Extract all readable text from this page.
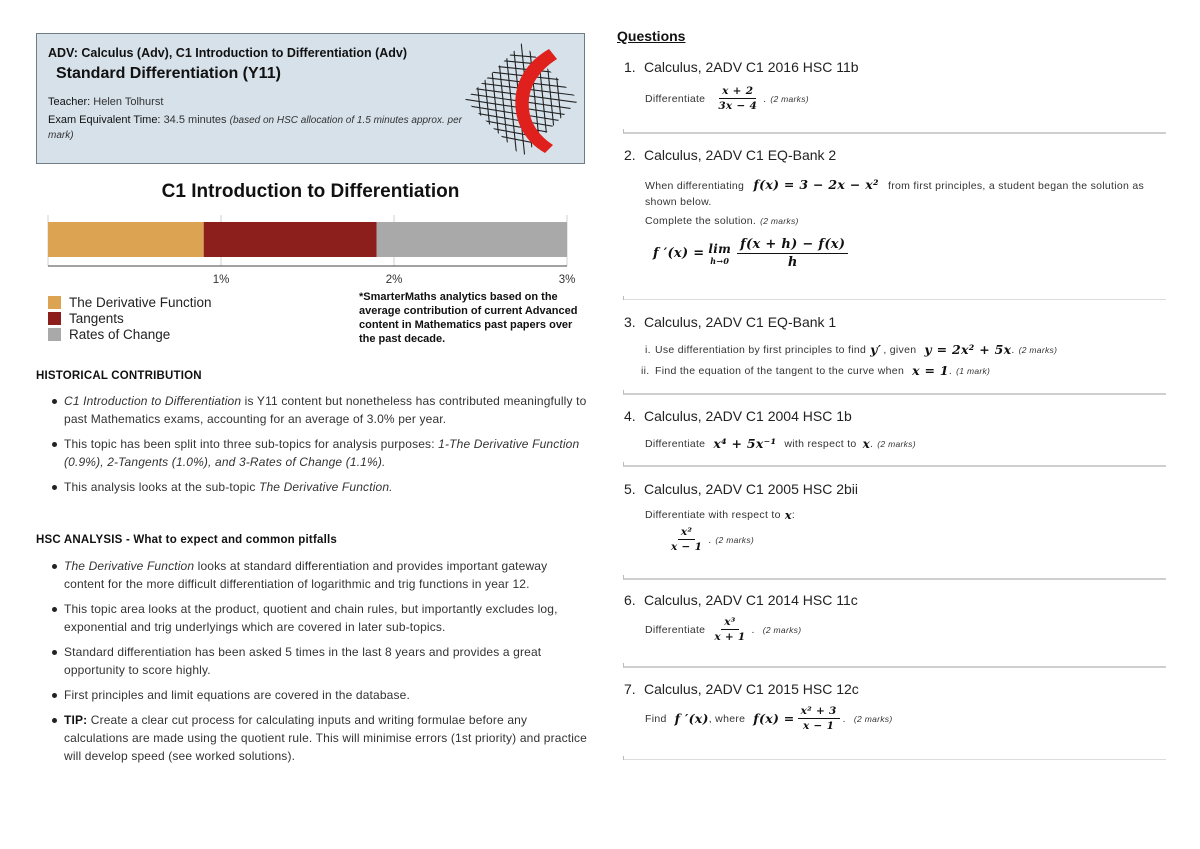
ADV: Calculus (Adv), C1 Introduction to Differentiation (Adv)
Standard Differentiation (Y11)
Teacher: Helen Tolhurst
Exam Equivalent Time: 34.5 minutes (based on HSC allocation of 1.5 minutes approx. per mark)
C1 Introduction to Differentiation
1%	2%	3%
The Derivative Function
Tangents
Rates of Change
*SmarterMaths analytics based on the average contribution of current Advanced content in Mathematics past papers over the past decade.
HISTORICAL CONTRIBUTION
C1 Introduction to Differentiation is Y11 content but nonetheless has contributed meaningfully to past Mathematics exams, accounting for an average of 3.0% per year.
This topic has been split into three sub-topics for analysis purposes: 1-The Derivative Function (0.9%), 2-Tangents (1.0%), and 3-Rates of Change (1.1%).
This analysis looks at the sub-topic The Derivative Function.
HSC ANALYSIS - What to expect and common pitfalls
The Derivative Function looks at standard differentiation and provides important gateway content for the more difficult differentiation of logarithmic and trig functions in year 12.
This topic area looks at the product, quotient and chain rules, but importantly excludes log, exponential and trig underlyings which are covered in later sub-topics.
Standard differentiation has been asked 5 times in the last 8 years and provides a great opportunity to score highly.
First principles and limit equations are covered in the database.
TIP: Create a clear cut process for calculating inputs and writing formulae before any calculations are made using the quotient rule. This will minimise errors (1st priority) and practice will develop speed (see worked solutions).
Questions
1. Calculus, 2ADV C1 2016 HSC 11b
Differentiate $\frac{x + 2}{3x - 4}$ . (2 marks)
2. Calculus, 2ADV C1 EQ-Bank 2
When differentiating f(x) = 3 − 2x − x² from first principles, a student began the solution as shown below.
Complete the solution. (2 marks)
f ′(x) = lim
$h\to 0 \frac{f(x + h) - f(x)}{h}$
3. Calculus, 2ADV C1 EQ-Bank 1
i. Use differentiation by first principles to find y′ , given y = 2x² + 5x . (2 marks)
ii. Find the equation of the tangent to the curve when x = 1 . (1 mark)
4. Calculus, 2ADV C1 2004 HSC 1b
Differentiate x⁴ + 5x⁻¹ with respect to x . (2 marks)
5. Calculus, 2ADV C1 2005 HSC 2bii
Differentiate with respect to x :
$\frac{\text{x²}}{x - 1}$ . (2 marks)
6. Calculus, 2ADV C1 2014 HSC 11c
Differentiate $\frac{\text{x³}}{x + 1}$ . (2 marks)
7. Calculus, 2ADV C1 2015 HSC 12c
Find f ′(x) , where $f(x) = \frac{\text{x² + 3}}{x - 1}$ . (2 marks)
